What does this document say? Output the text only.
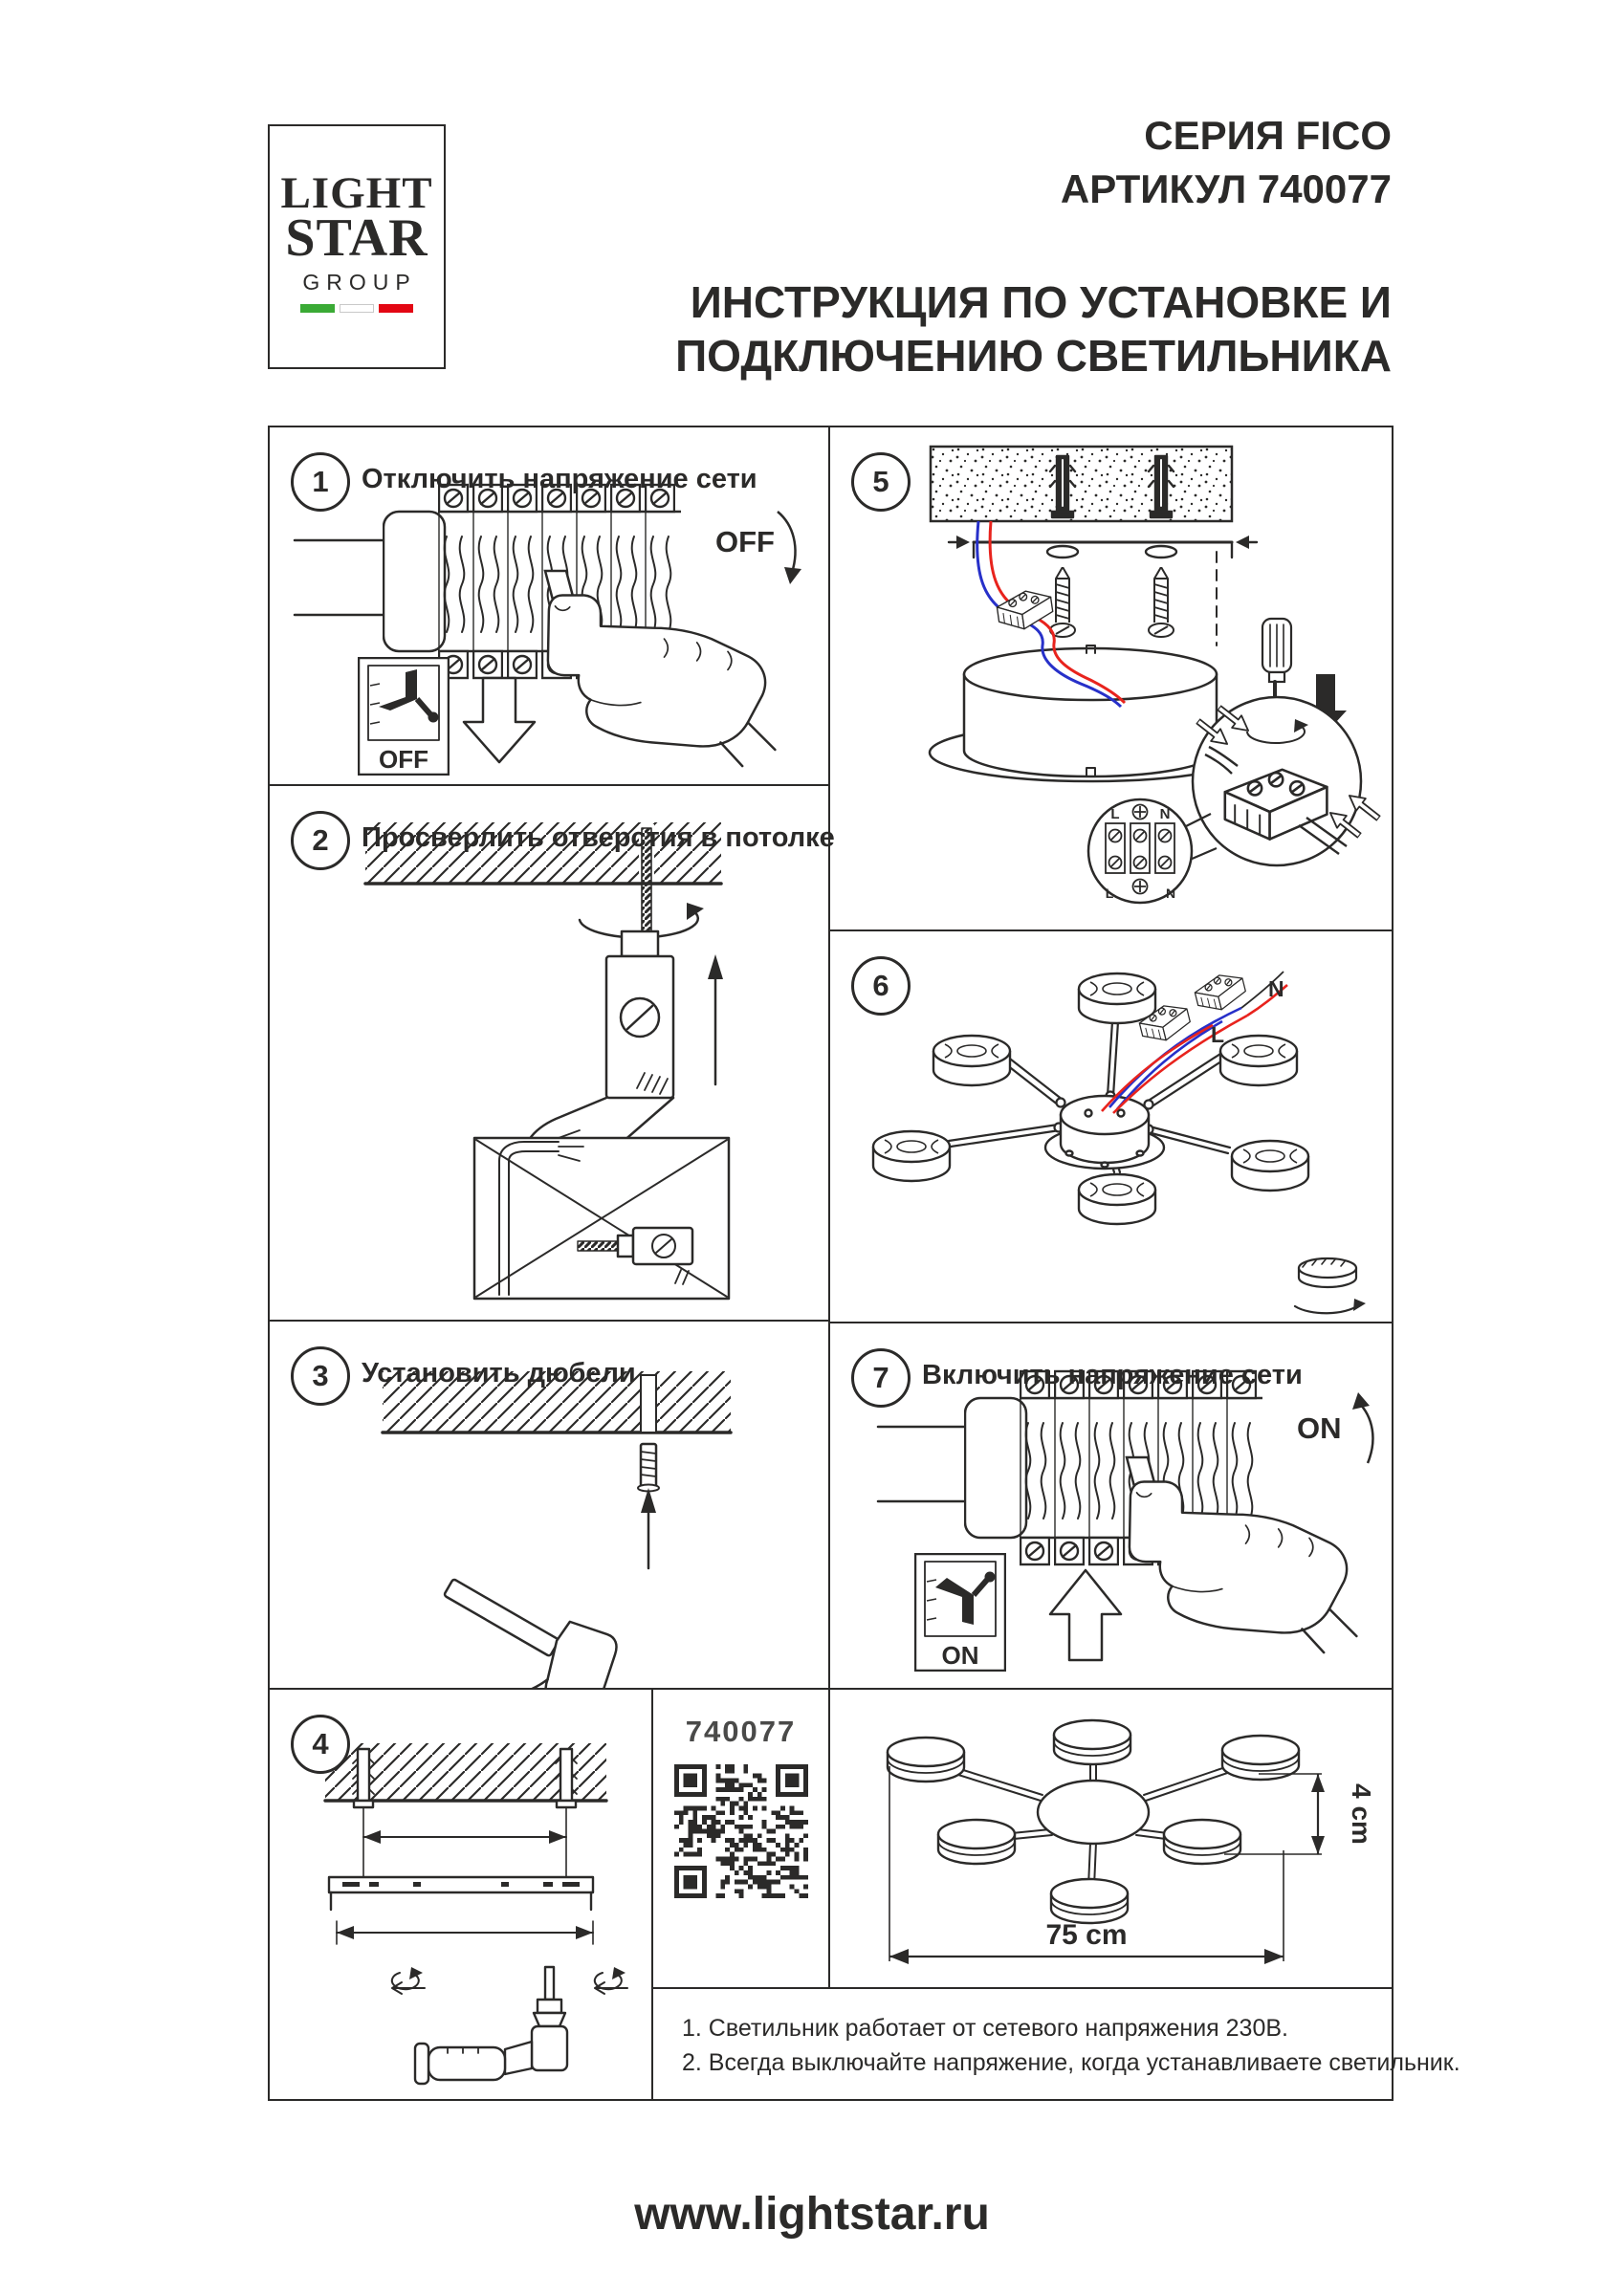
LIGHT
STAR
GROUP
СЕРИЯ FICO
АРТИКУЛ 740077
ИНСТРУКЦИЯ ПО УСТАНОВКЕ И
ПОДКЛЮЧЕНИЮ СВЕТИЛЬНИКА
1 Отключить напряжение сети
OFF
OFF
2 Просверлить отверстия в потолке
3 Установить дюбели
4
5
L	N
L	N
6
L
N
7 Включить напряжение сети
ON
ON
740077
75 cm
4 cm
1. Светильник работает от сетевого напряжения 230В.
2. Всегда выключайте напряжение, когда устанавливаете светильник.
www.lightstar.ru
